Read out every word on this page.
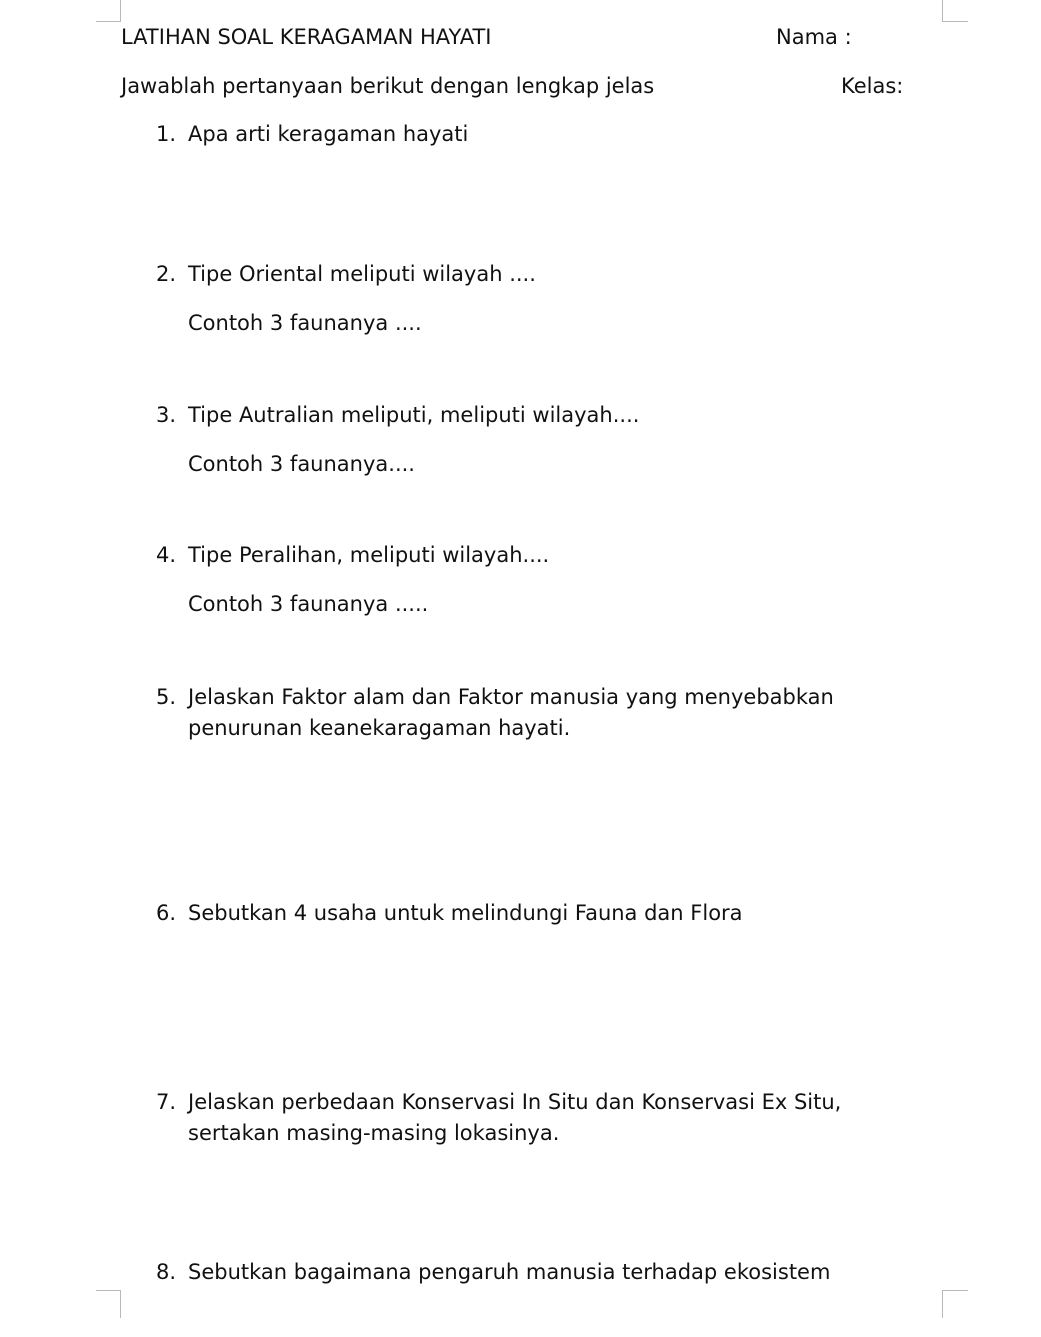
LATIHAN SOAL KERAGAMAN HAYATI	Nama :
Jawablah pertanyaan berikut dengan lengkap jelas	Kelas:
1. Apa arti keragaman hayati
2. Tipe Oriental meliputi wilayah ....
Contoh 3 faunanya ....
3. Tipe Autralian meliputi, meliputi wilayah....
Contoh 3 faunanya....
4. Tipe Peralihan, meliputi wilayah....
Contoh 3 faunanya .....
5. Jelaskan Faktor alam dan Faktor manusia yang menyebabkan
penurunan keanekaragaman hayati.
6. Sebutkan 4 usaha untuk melindungi Fauna dan Flora
7. Jelaskan perbedaan Konservasi In Situ dan Konservasi Ex Situ,
sertakan masing-masing lokasinya.
8. Sebutkan bagaimana pengaruh manusia terhadap ekosistem
